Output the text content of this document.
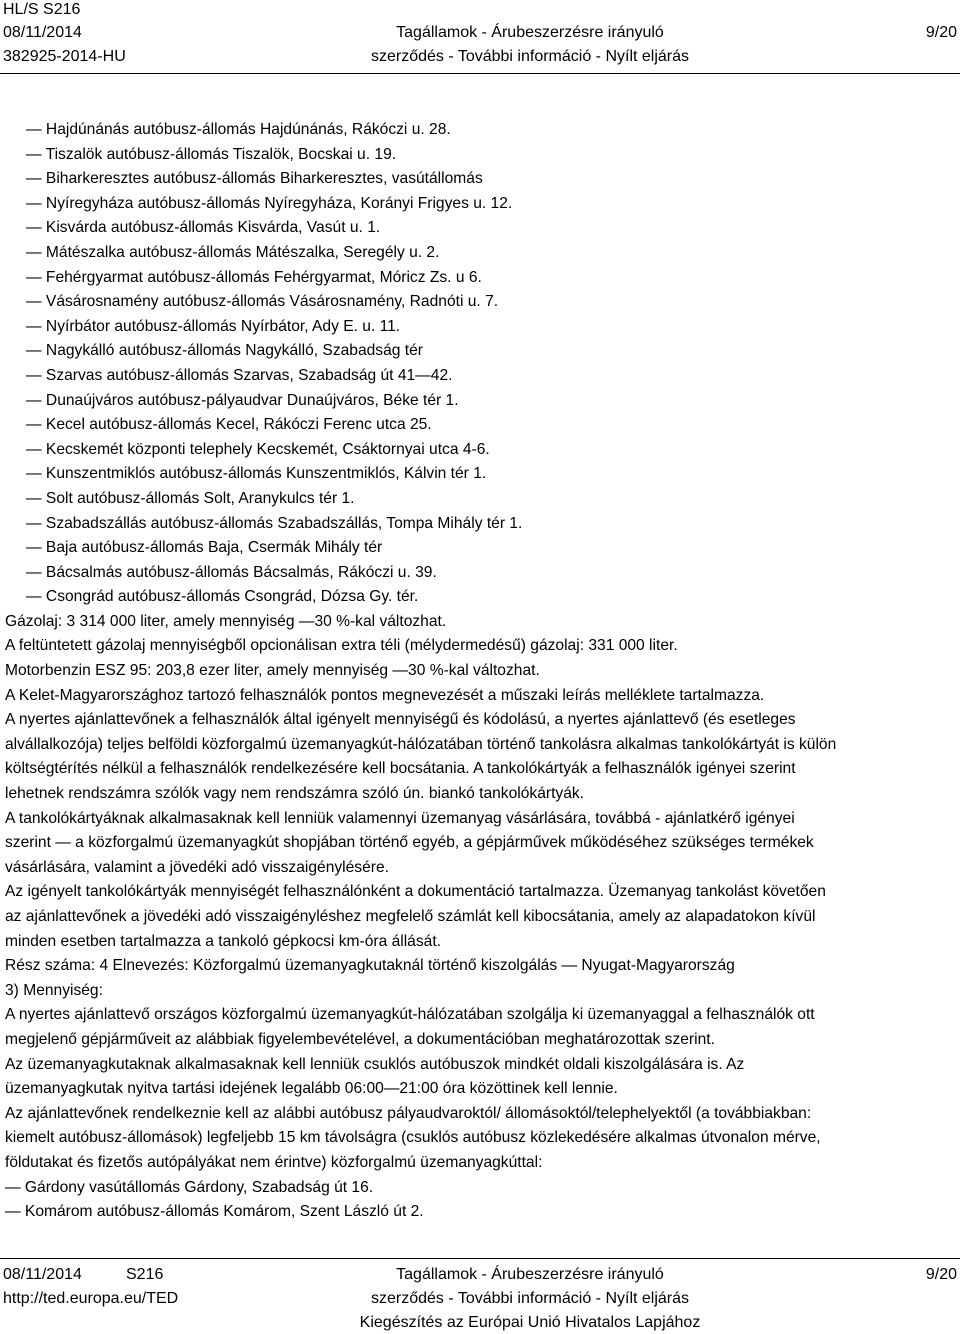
HL/S S216
08/11/2014
382925-2014-HU
Tagállamok - Árubeszerzésre irányuló
szerződés - További információ - Nyílt eljárás
9/20
— Hajdúnánás autóbusz-állomás Hajdúnánás, Rákóczi u. 28.
— Tiszalök autóbusz-állomás Tiszalök, Bocskai u. 19.
— Biharkeresztes autóbusz-állomás Biharkeresztes, vasútállomás
— Nyíregyháza autóbusz-állomás Nyíregyháza, Korányi Frigyes u. 12.
— Kisvárda autóbusz-állomás Kisvárda, Vasút u. 1.
— Mátészalka autóbusz-állomás Mátészalka, Seregély u. 2.
— Fehérgyarmat autóbusz-állomás Fehérgyarmat, Móricz Zs. u 6.
— Vásárosnamény autóbusz-állomás Vásárosnamény, Radnóti u. 7.
— Nyírbátor autóbusz-állomás Nyírbátor, Ady E. u. 11.
— Nagykálló autóbusz-állomás Nagykálló, Szabadság tér
— Szarvas autóbusz-állomás Szarvas, Szabadság út 41—42.
— Dunaújváros autóbusz-pályaudvar Dunaújváros, Béke tér 1.
— Kecel autóbusz-állomás Kecel, Rákóczi Ferenc utca 25.
— Kecskemét központi telephely Kecskemét, Csáktornyai utca 4-6.
— Kunszentmiklós autóbusz-állomás Kunszentmiklós, Kálvin tér 1.
— Solt autóbusz-állomás Solt, Aranykulcs tér 1.
— Szabadszállás autóbusz-állomás Szabadszállás, Tompa Mihály tér 1.
— Baja autóbusz-állomás Baja, Csermák Mihály tér
— Bácsalmás autóbusz-állomás Bácsalmás, Rákóczi u. 39.
— Csongrád autóbusz-állomás Csongrád, Dózsa Gy. tér.
Gázolaj: 3 314 000 liter, amely mennyiség —30 %-kal változhat.
A feltüntetett gázolaj mennyiségből opcionálisan extra téli (mélydermedésű) gázolaj: 331 000 liter.
Motorbenzin ESZ 95: 203,8 ezer liter, amely mennyiség —30 %-kal változhat.
A Kelet-Magyarországhoz tartozó felhasználók pontos megnevezését a műszaki leírás melléklete tartalmazza.
A nyertes ajánlattevőnek a felhasználók által igényelt mennyiségű és kódolású, a nyertes ajánlattevő (és esetleges
alvállalkozója) teljes belföldi közforgalmú üzemanyagkút-hálózatában történő tankolásra alkalmas tankolókártyát is külön
költségtérítés nélkül a felhasználók rendelkezésére kell bocsátania. A tankolókártyák a felhasználók igényei szerint
lehetnek rendszámra szólók vagy nem rendszámra szóló ún. biankó tankolókártyák.
A tankolókártyáknak alkalmasaknak kell lenniük valamennyi üzemanyag vásárlására, továbbá - ajánlatkérő igényei
szerint — a közforgalmú üzemanyagkút shopjában történő egyéb, a gépjárművek működéséhez szükséges termékek
vásárlására, valamint a jövedéki adó visszaigénylésére.
Az igényelt tankolókártyák mennyiségét felhasználónként a dokumentáció tartalmazza. Üzemanyag tankolást követően
az ajánlattevőnek a jövedéki adó visszaigényléshez megfelelő számlát kell kibocsátania, amely az alapadatokon kívül
minden esetben tartalmazza a tankoló gépkocsi km-óra állását.
Rész száma: 4 Elnevezés: Közforgalmú üzemanyagkutaknál történő kiszolgálás — Nyugat-Magyarország
3) Mennyiség:
A nyertes ajánlattevő országos közforgalmú üzemanyagkút-hálózatában szolgálja ki üzemanyaggal a felhasználók ott
megjelenő gépjárműveit az alábbiak figyelembevételével, a dokumentációban meghatározottak szerint.
Az üzemanyagkutaknak alkalmasaknak kell lenniük csuklós autóbuszok mindkét oldali kiszolgálására is. Az
üzemanyagkutak nyitva tartási idejének legalább 06:00—21:00 óra közöttinek kell lennie.
Az ajánlattevőnek rendelkeznie kell az alábbi autóbusz pályaudvaroktól/ állomásoktól/telephelyektől (a továbbiakban:
kiemelt autóbusz-állomások) legfeljebb 15 km távolságra (csuklós autóbusz közlekedésére alkalmas útvonalon mérve,
földutakat és fizetős autópályákat nem érintve) közforgalmú üzemanyagkúttal:
— Gárdony vasútállomás Gárdony, Szabadság út 16.
— Komárom autóbusz-állomás Komárom, Szent László út 2.
08/11/2014	S216
http://ted.europa.eu/TED
Tagállamok - Árubeszerzésre irányuló
szerződés - További információ - Nyílt eljárás
Kiegészítés az Európai Unió Hivatalos Lapjához
9/20
